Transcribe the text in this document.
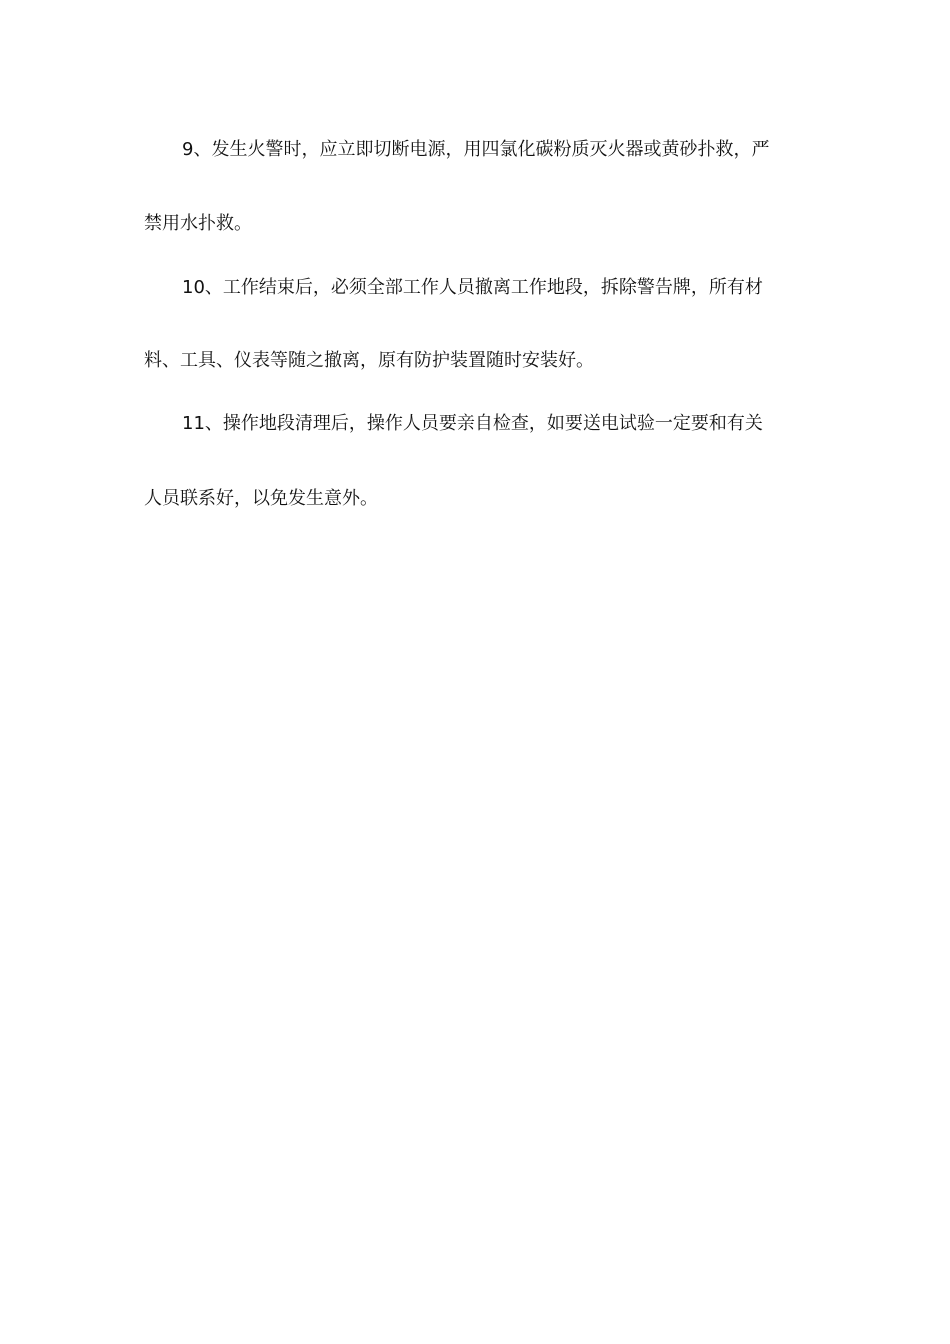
9、发生火警时，应立即切断电源，用四氯化碳粉质灭火器或黄砂扑救，严
禁用水扑救。
10、工作结束后，必须全部工作人员撤离工作地段，拆除警告牌，所有材
料、工具、仪表等随之撤离，原有防护装置随时安装好。
11、操作地段清理后，操作人员要亲自检查，如要送电试验一定要和有关
人员联系好，以免发生意外。
